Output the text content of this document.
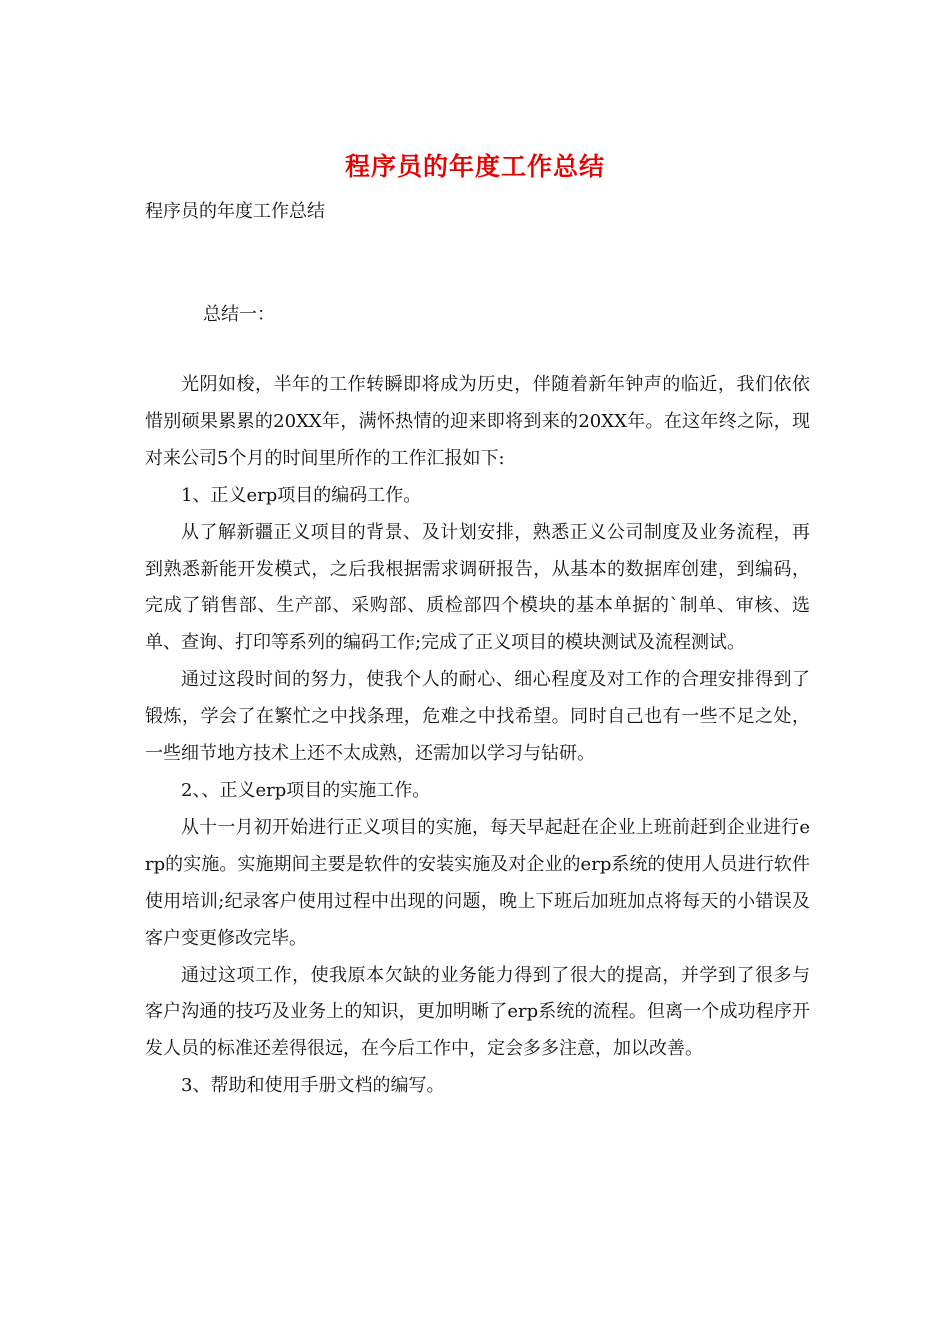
程序员的年度工作总结
程序员的年度工作总结
总结一：

光阴如梭，半年的工作转瞬即将成为历史，伴随着新年钟声的临近，我们依依惜别硕果累累的20XX年，满怀热情的迎来即将到来的20XX年。在这年终之际，现对来公司5个月的时间里所作的工作汇报如下:

1、正义erp项目的编码工作。

从了解新疆正义项目的背景、及计划安排，熟悉正义公司制度及业务流程，再到熟悉新能开发模式，之后我根据需求调研报告，从基本的数据库创建，到编码，完成了销售部、生产部、采购部、质检部四个模块的基本单据的`制单、审核、选单、查询、打印等系列的编码工作;完成了正义项目的模块测试及流程测试。

通过这段时间的努力，使我个人的耐心、细心程度及对工作的合理安排得到了锻炼，学会了在繁忙之中找条理，危难之中找希望。同时自己也有一些不足之处，一些细节地方技术上还不太成熟，还需加以学习与钻研。

2、、正义erp项目的实施工作。

从十一月初开始进行正义项目的实施，每天早起赶在企业上班前赶到企业进行erp的实施。实施期间主要是软件的安装实施及对企业的erp系统的使用人员进行软件使用培训;纪录客户使用过程中出现的问题，晚上下班后加班加点将每天的小错误及客户变更修改完毕。

通过这项工作，使我原本欠缺的业务能力得到了很大的提高，并学到了很多与客户沟通的技巧及业务上的知识，更加明晰了erp系统的流程。但离一个成功程序开发人员的标准还差得很远，在今后工作中，定会多多注意，加以改善。

3、帮助和使用手册文档的编写。
